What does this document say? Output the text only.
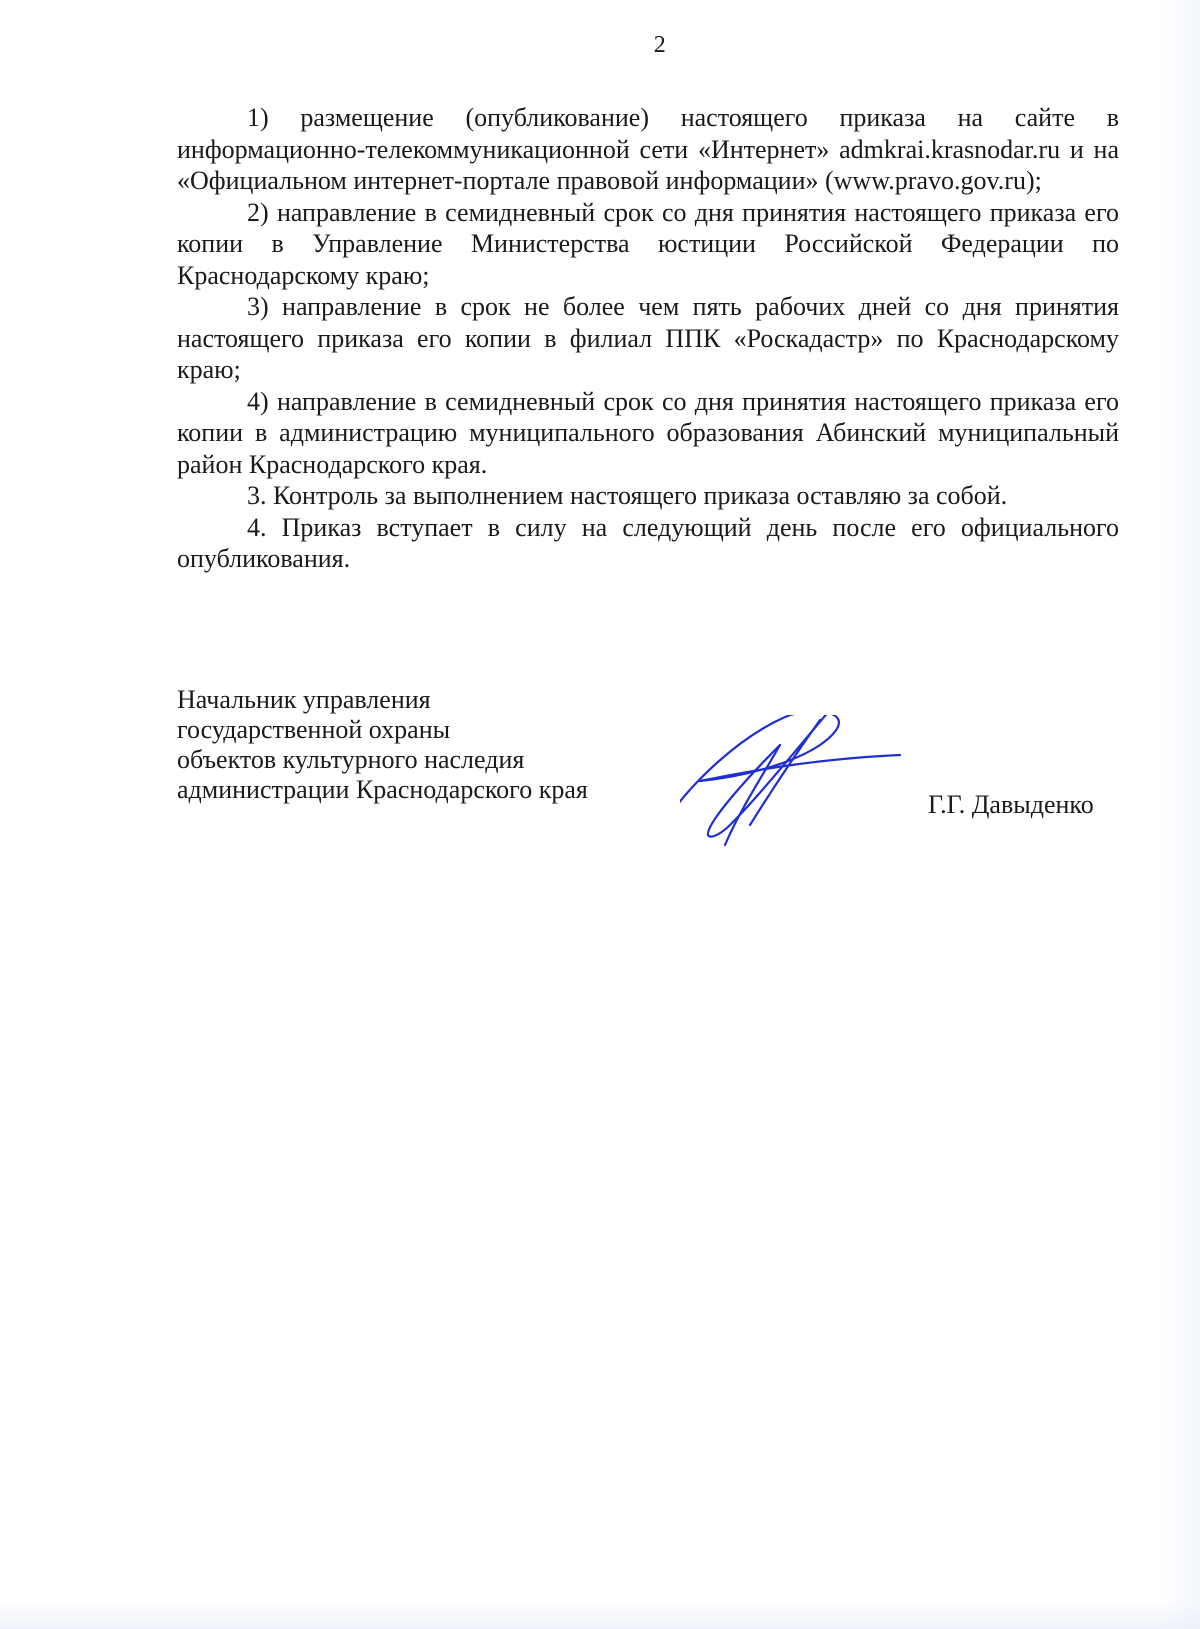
2

1) размещение (опубликование) настоящего приказа на сайте в информационно-телекоммуникационной сети «Интернет» admkrai.krasnodar.ru и на «Официальном интернет-портале правовой информации» (www.pravo.gov.ru);

2) направление в семидневный срок со дня принятия настоящего приказа его копии в Управление Министерства юстиции Российской Федерации по Краснодарскому краю;

3) направление в срок не более чем пять рабочих дней со дня принятия настоящего приказа его копии в филиал ППК «Роскадастр» по Краснодарскому краю;

4) направление в семидневный срок со дня принятия настоящего приказа его копии в администрацию муниципального образования Абинский муниципальный район Краснодарского края.

3. Контроль за выполнением настоящего приказа оставляю за собой.

4. Приказ вступает в силу на следующий день после его официального опубликования.

Начальник управления
государственной охраны
объектов культурного наследия
администрации Краснодарского края
Г.Г. Давыденко
